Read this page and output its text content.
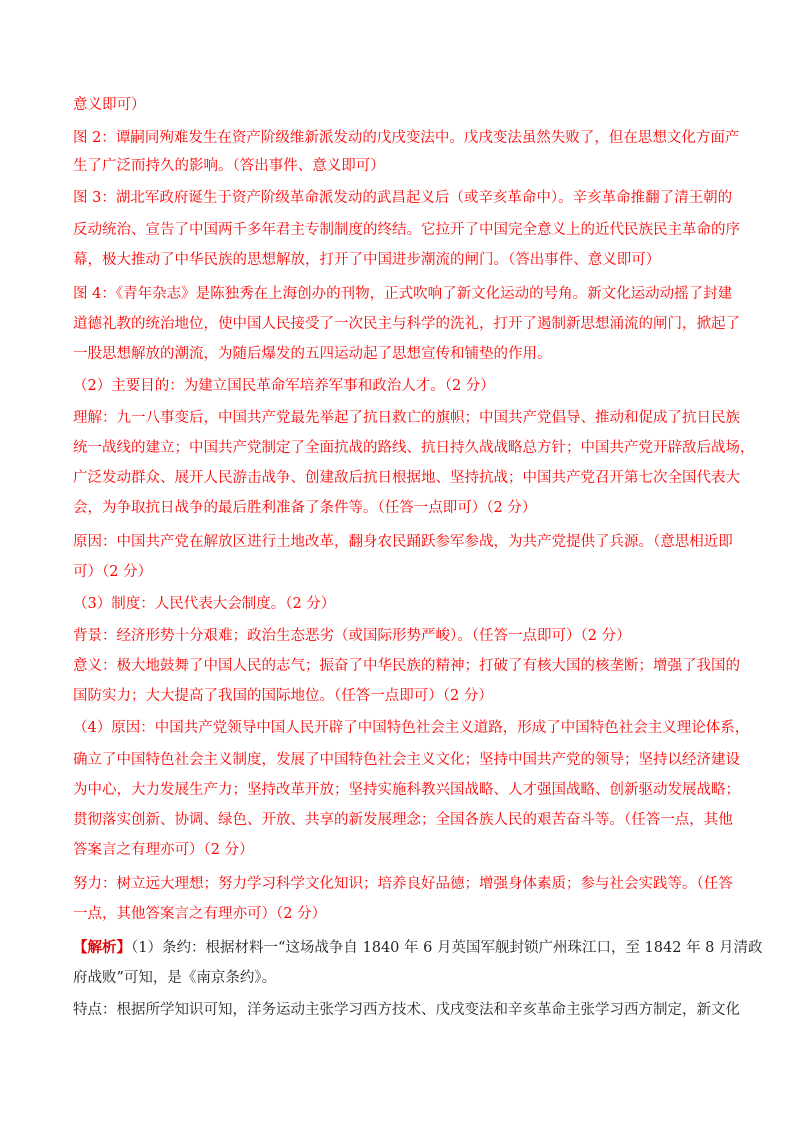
意义即可）
图 2：谭嗣同殉难发生在资产阶级维新派发动的戊戌变法中。戊戌变法虽然失败了，但在思想文化方面产
生了广泛而持久的影响。（答出事件、意义即可）
图 3：湖北军政府诞生于资产阶级革命派发动的武昌起义后（或辛亥革命中）。辛亥革命推翻了清王朝的
反动统治、宣告了中国两千多年君主专制制度的终结。它拉开了中国完全意义上的近代民族民主革命的序
幕，极大推动了中华民族的思想解放，打开了中国进步潮流的闸门。（答出事件、意义即可）
图 4：《青年杂志》是陈独秀在上海创办的刊物，正式吹响了新文化运动的号角。新文化运动动摇了封建
道德礼教的统治地位，使中国人民接受了一次民主与科学的洗礼，打开了遏制新思想涌流的闸门，掀起了
一股思想解放的潮流，为随后爆发的五四运动起了思想宣传和铺垫的作用。
（2）主要目的：为建立国民革命军培养军事和政治人才。（2 分）
理解：九一八事变后，中国共产党最先举起了抗日救亡的旗帜；中国共产党倡导、推动和促成了抗日民族
统一战线的建立；中国共产党制定了全面抗战的路线、抗日持久战战略总方针；中国共产党开辟敌后战场，
广泛发动群众、展开人民游击战争、创建敌后抗日根据地、坚持抗战；中国共产党召开第七次全国代表大
会，为争取抗日战争的最后胜利准备了条件等。（任答一点即可）（2 分）
原因：中国共产党在解放区进行土地改革，翻身农民踊跃参军参战，为共产党提供了兵源。（意思相近即
可）（2 分）
（3）制度：人民代表大会制度。（2 分）
背景：经济形势十分艰难；政治生态恶劣（或国际形势严峻）。（任答一点即可）（2 分）
意义：极大地鼓舞了中国人民的志气；振奋了中华民族的精神；打破了有核大国的核垄断；增强了我国的
国防实力；大大提高了我国的国际地位。（任答一点即可）（2 分）
（4）原因：中国共产党领导中国人民开辟了中国特色社会主义道路，形成了中国特色社会主义理论体系，
确立了中国特色社会主义制度，发展了中国特色社会主义文化；坚持中国共产党的领导；坚持以经济建设
为中心，大力发展生产力；坚持改革开放；坚持实施科教兴国战略、人才强国战略、创新驱动发展战略；
贯彻落实创新、协调、绿色、开放、共享的新发展理念；全国各族人民的艰苦奋斗等。（任答一点，其他
答案言之有理亦可）（2 分）
努力：树立远大理想；努力学习科学文化知识；培养良好品德；增强身体素质；参与社会实践等。（任答
一点，其他答案言之有理亦可）（2 分）
【解析】（1）条约：根据材料一“这场战争自 1840 年 6 月英国军舰封锁广州珠江口，至 1842 年 8 月清政
府战败”可知，是《南京条约》。
特点：根据所学知识可知，洋务运动主张学习西方技术、戊戌变法和辛亥革命主张学习西方制定，新文化
